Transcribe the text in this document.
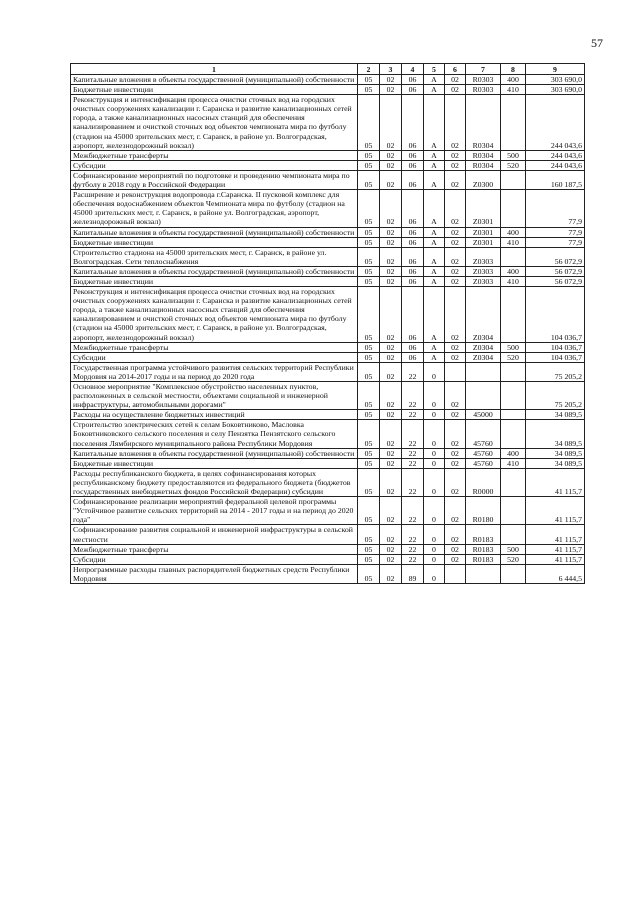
57
1	2	3	4	5	6	7	8	9
Капитальные вложения в объекты государственной (муниципальной) собственности	05	02	06	А	02	R0303	400	303 690,0
Бюджетные инвестиции	05	02	06	А	02	R0303	410	303 690,0
Реконструкция и интенсификация процесса очистки сточных вод на городских очистных сооружениях канализации г. Саранска и развитие канализационных сетей города, а также канализационных насосных станций для обеспечения канализированием и очисткой сточных вод объектов чемпионата мира по футболу (стадион на 45000 зрительских мест, г. Саранск, в районе ул. Волгоградская, аэропорт, железнодорожный вокзал)	05	02	06	А	02	R0304		244 043,6
Межбюджетные трансферты	05	02	06	А	02	R0304	500	244 043,6
Субсидии	05	02	06	А	02	R0304	520	244 043,6
Софинансирование мероприятий по подготовке и проведению чемпионата мира по футболу в 2018 году в Российской Федерации	05	02	06	А	02	Z0300		160 187,5
Расширение и реконструкция водопровода г.Саранска. II пусковой комплекс для обеспечения водоснабжением объектов Чемпионата мира по футболу (стадион на 45000 зрительских мест, г. Саранск, в районе ул. Волгоградская, аэропорт, железнодорожный вокзал)	05	02	06	А	02	Z0301		77,9
Капитальные вложения в объекты государственной (муниципальной) собственности	05	02	06	А	02	Z0301	400	77,9
Бюджетные инвестиции	05	02	06	А	02	Z0301	410	77,9
Строительство стадиона на 45000 зрительских мест, г. Саранск, в районе ул. Волгоградская. Сети теплоснабжения	05	02	06	А	02	Z0303		56 072,9
Капитальные вложения в объекты государственной (муниципальной) собственности	05	02	06	А	02	Z0303	400	56 072,9
Бюджетные инвестиции	05	02	06	А	02	Z0303	410	56 072,9
Реконструкция и интенсификация процесса очистки сточных вод на городских очистных сооружениях канализации г. Саранска и развитие канализационных сетей города, а также канализационных насосных станций для обеспечения канализированием и очисткой сточных вод объектов чемпионата мира по футболу (стадион на 45000 зрительских мест, г. Саранск, в районе ул. Волгоградская, аэропорт, железнодорожный вокзал)	05	02	06	А	02	Z0304		104 036,7
Межбюджетные трансферты	05	02	06	А	02	Z0304	500	104 036,7
Субсидии	05	02	06	А	02	Z0304	520	104 036,7
Государственная программа устойчивого развития сельских территорий Республики Мордовия на 2014-2017 годы и на период до 2020 года	05	02	22	0				75 205,2
Основное мероприятие "Комплексное обустройство населенных пунктов, расположенных в сельской местности, объектами социальной и инженерной инфраструктуры, автомобильными дорогами"	05	02	22	0	02			75 205,2
Расходы на осуществление бюджетных инвестиций	05	02	22	0	02	45000		34 089,5
Строительство электрических сетей к селам Боковтниково, Масловка Боковтниковского сельского поселения и селу Пензятка Пензятского сельского поселения Лямбирского муниципального района Республики Мордовия	05	02	22	0	02	45760		34 089,5
Капитальные вложения в объекты государственной (муниципальной) собственности	05	02	22	0	02	45760	400	34 089,5
Бюджетные инвестиции	05	02	22	0	02	45760	410	34 089,5
Расходы республиканского бюджета, в целях софинансирования которых республиканскому бюджету предоставляются из федерального бюджета (бюджетов государственных внебюджетных фондов Российской Федерации) субсидии	05	02	22	0	02	R0000		41 115,7
Софинансирование реализации мероприятий федеральной целевой программы "Устойчивое развитие сельских территорий на 2014 - 2017 годы и на период до 2020 года"	05	02	22	0	02	R0180		41 115,7
Софинансирование развития социальной и инженерной инфраструктуры в сельской местности	05	02	22	0	02	R0183		41 115,7
Межбюджетные трансферты	05	02	22	0	02	R0183	500	41 115,7
Субсидии	05	02	22	0	02	R0183	520	41 115,7
Непрограммные расходы главных распорядителей бюджетных средств Республики Мордовия	05	02	89	0				6 444,5
